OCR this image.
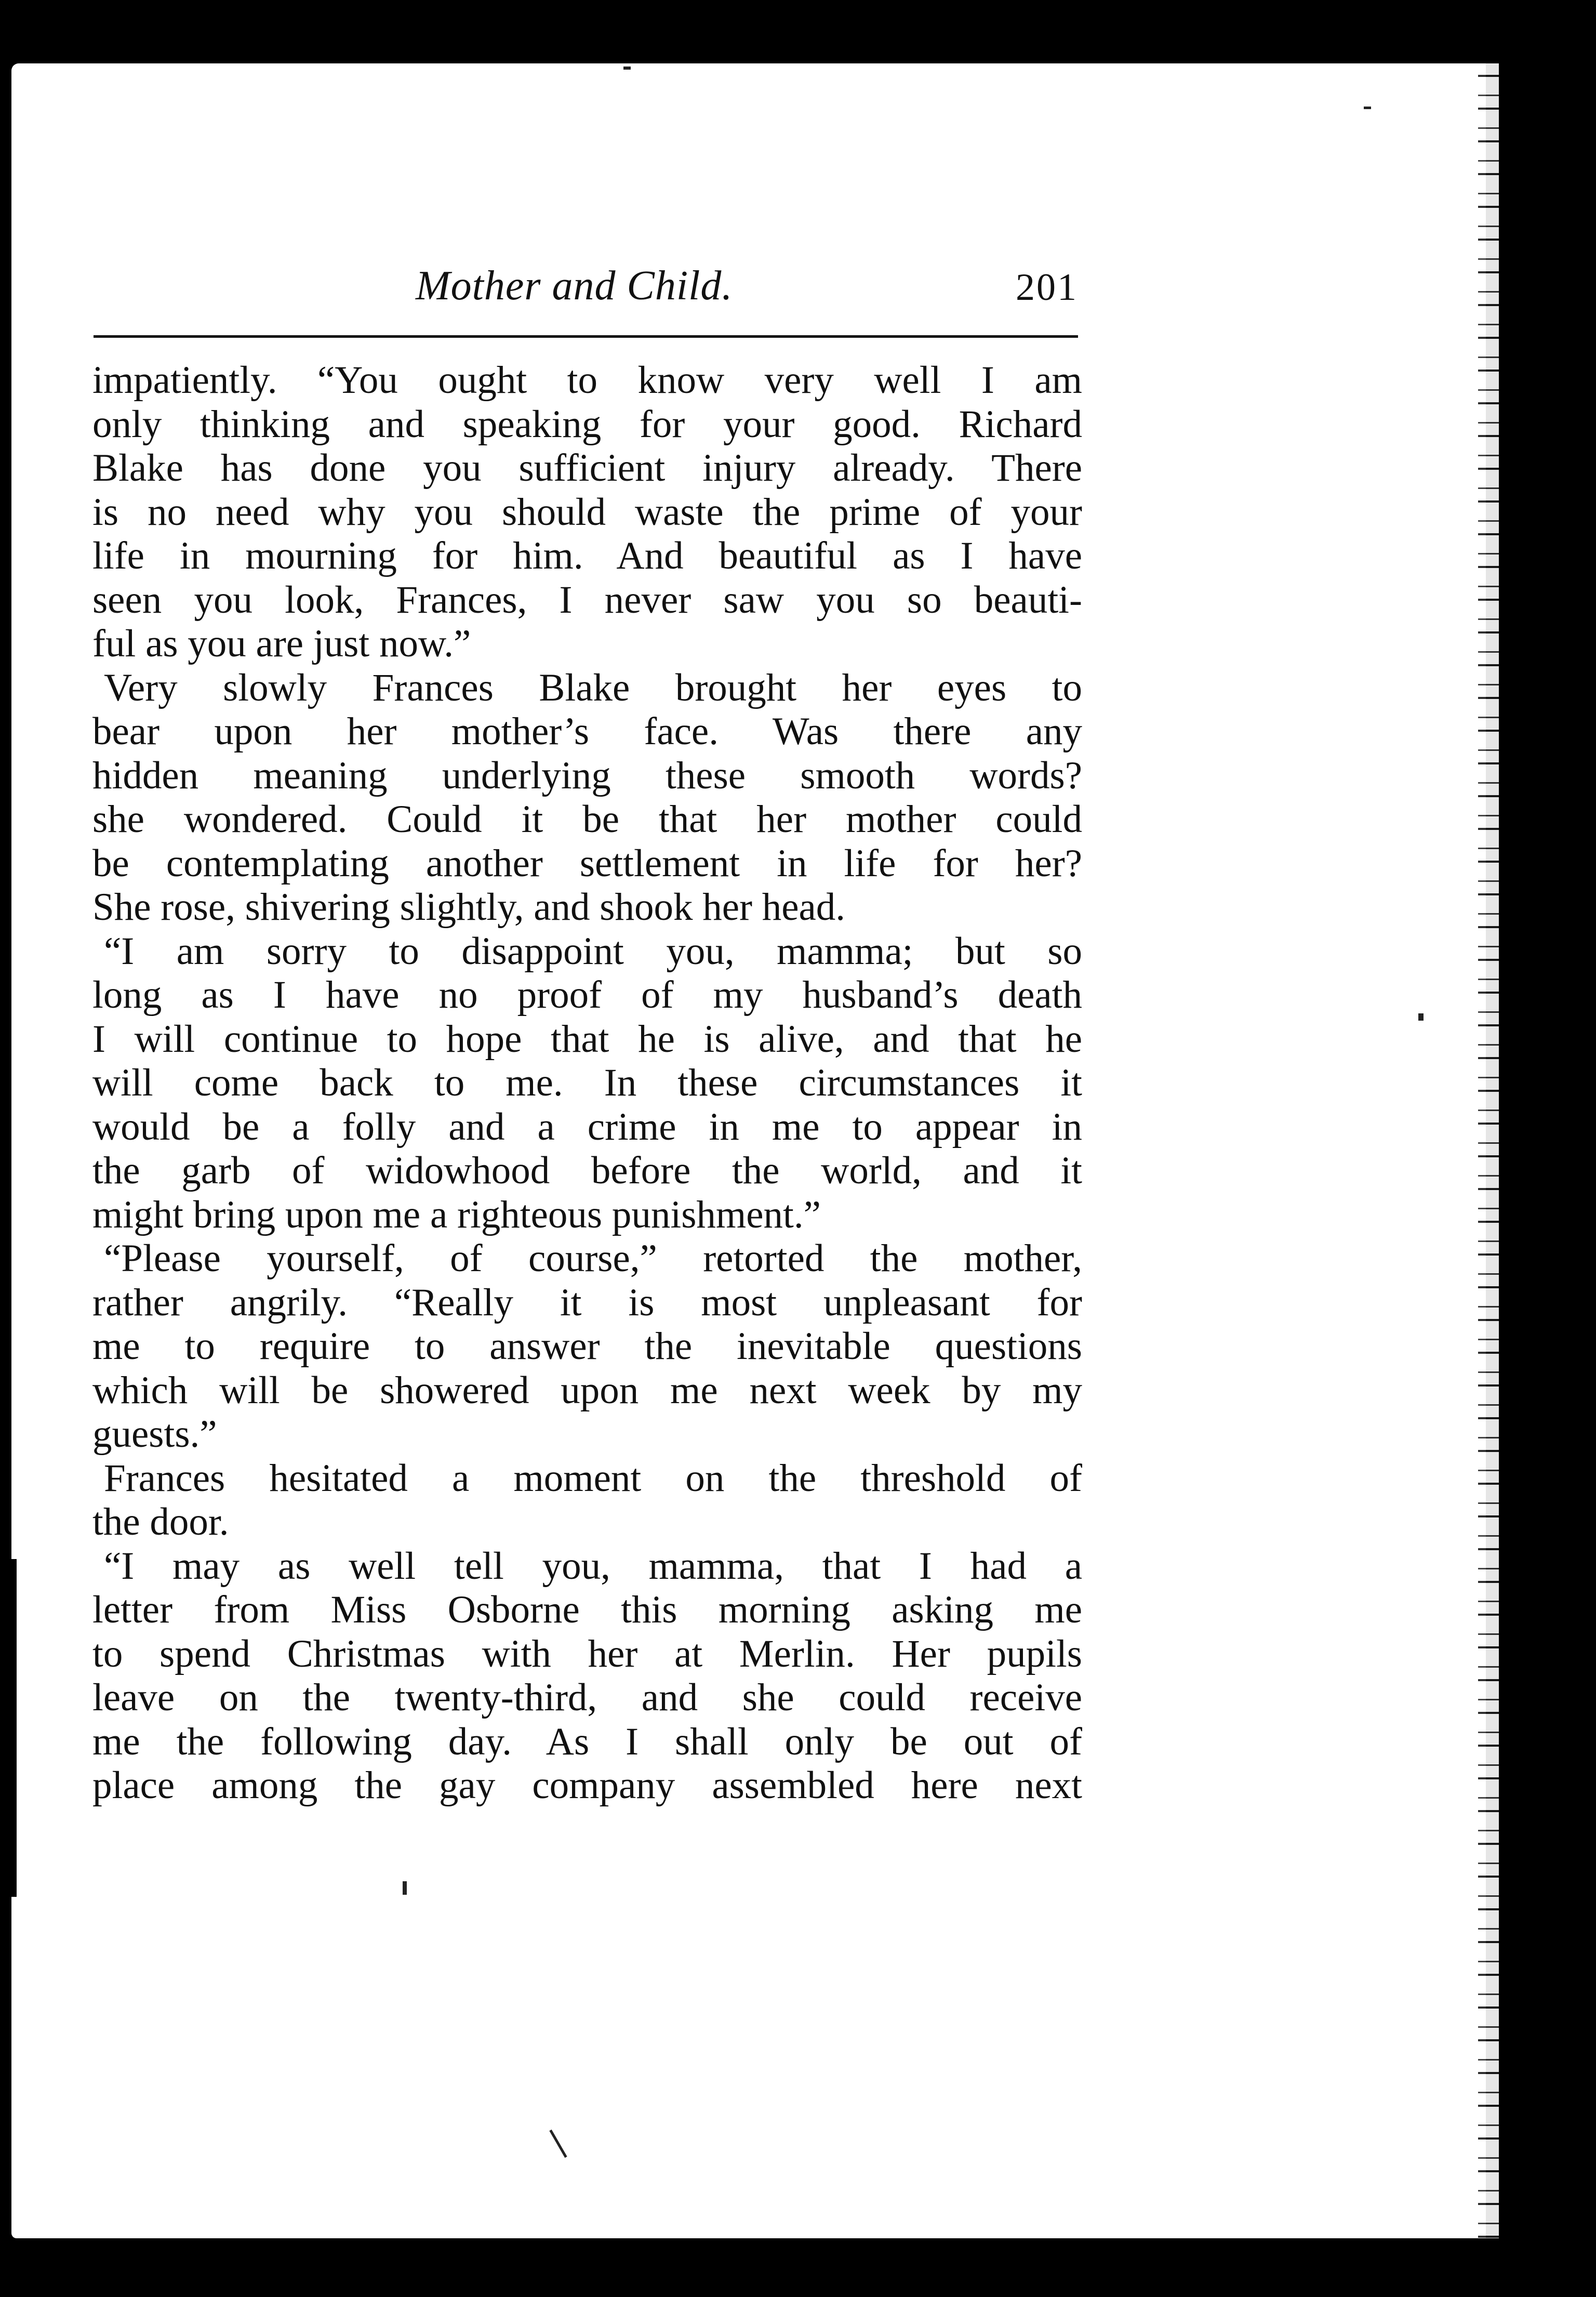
Mother and Child.	201
impatiently. “You ought to know very well I am
only thinking and speaking for your good. Richard
Blake has done you sufficient injury already. There
is no need why you should waste the prime of your
life in mourning for him. And beautiful as I have
seen you look, Frances, I never saw you so beauti-
ful as you are just now.”
Very slowly Frances Blake brought her eyes to
bear upon her mother’s face. Was there any
hidden meaning underlying these smooth words?
she wondered. Could it be that her mother could
be contemplating another settlement in life for her?
She rose, shivering slightly, and shook her head.
“I am sorry to disappoint you, mamma; but so
long as I have no proof of my husband’s death
I will continue to hope that he is alive, and that he
will come back to me. In these circumstances it
would be a folly and a crime in me to appear in
the garb of widowhood before the world, and it
might bring upon me a righteous punishment.”
“Please yourself, of course,” retorted the mother,
rather angrily. “Really it is most unpleasant for
me to require to answer the inevitable questions
which will be showered upon me next week by my
guests.”
Frances hesitated a moment on the threshold of
the door.
“I may as well tell you, mamma, that I had a
letter from Miss Osborne this morning asking me
to spend Christmas with her at Merlin. Her pupils
leave on the twenty-third, and she could receive
me the following day. As I shall only be out of
place among the gay company assembled here next
